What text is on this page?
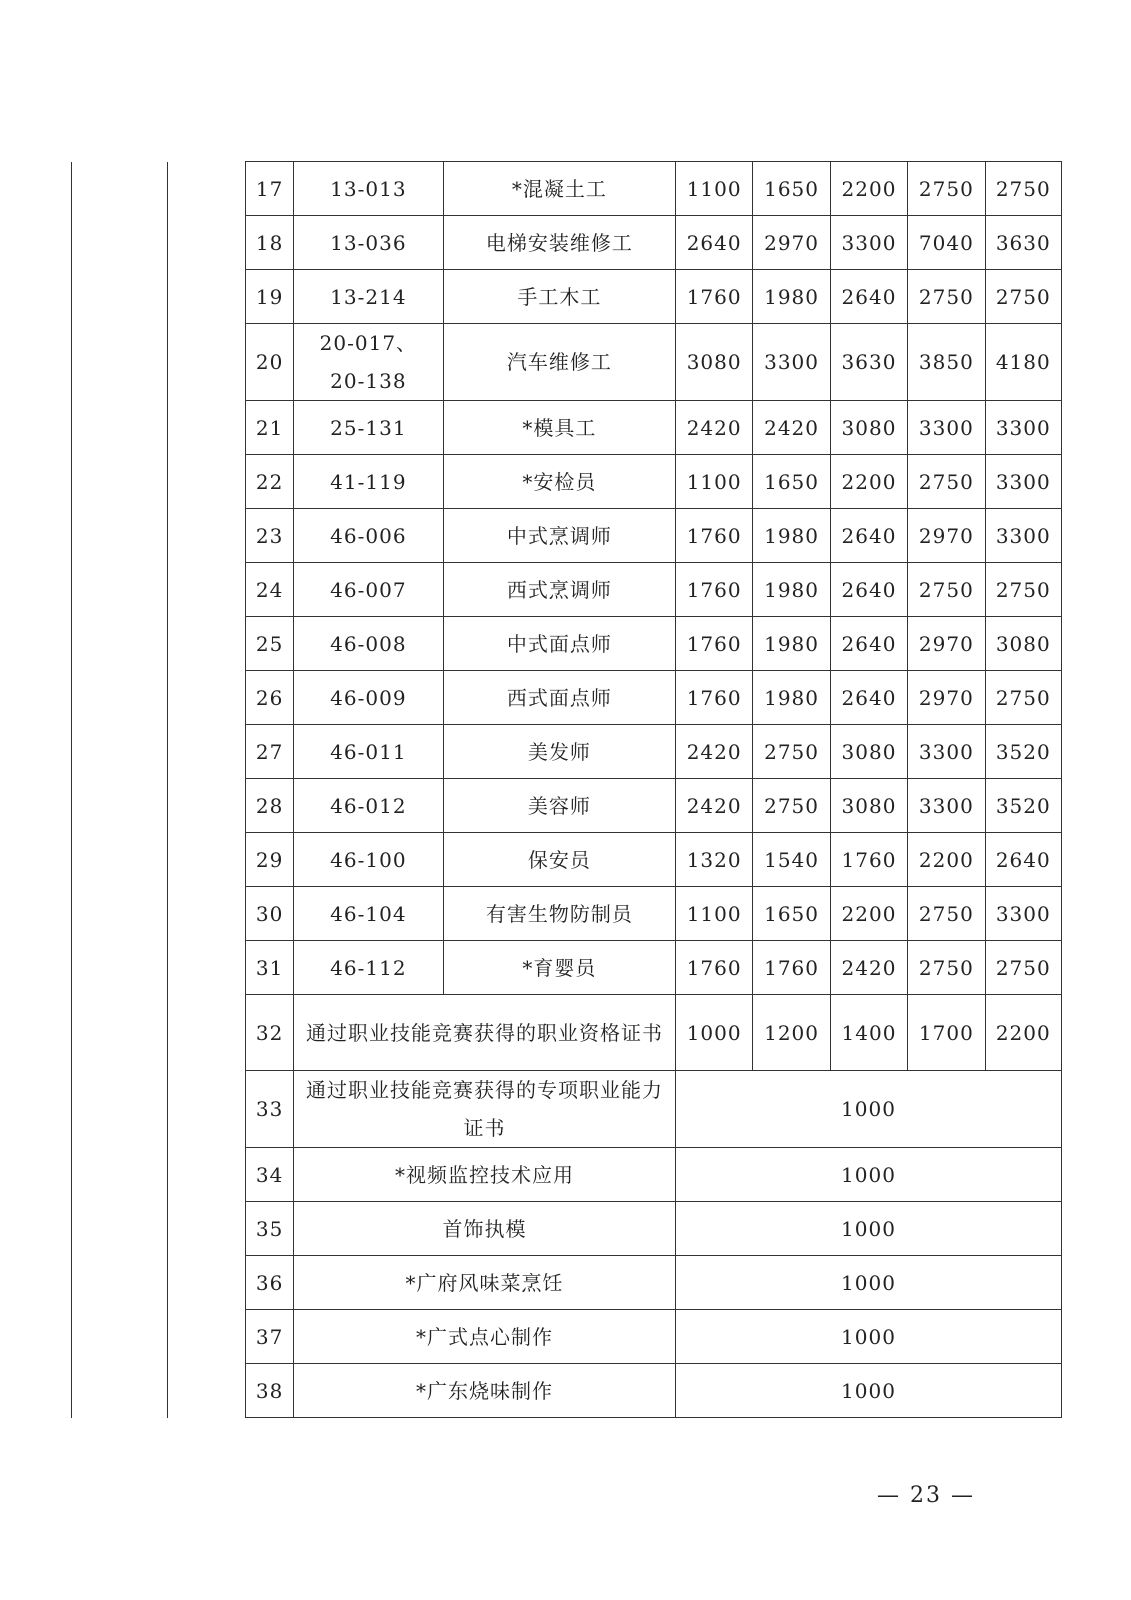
		17	13-013	*混凝土工	1100	1650	2200	2750	2750
		18	13-036	电梯安装维修工	2640	2970	3300	7040	3630
		19	13-214	手工木工	1760	1980	2640	2750	2750
		20	20-017、
20-138	汽车维修工	3080	3300	3630	3850	4180
		21	25-131	*模具工	2420	2420	3080	3300	3300
		22	41-119	*安检员	1100	1650	2200	2750	3300
		23	46-006	中式烹调师	1760	1980	2640	2970	3300
		24	46-007	西式烹调师	1760	1980	2640	2750	2750
		25	46-008	中式面点师	1760	1980	2640	2970	3080
		26	46-009	西式面点师	1760	1980	2640	2970	2750
		27	46-011	美发师	2420	2750	3080	3300	3520
		28	46-012	美容师	2420	2750	3080	3300	3520
		29	46-100	保安员	1320	1540	1760	2200	2640
		30	46-104	有害生物防制员	1100	1650	2200	2750	3300
		31	46-112	*育婴员	1760	1760	2420	2750	2750
		32	通过职业技能竞赛获得的职业资格证书		1000	1200	1400	1700	2200
		33	通过职业技能竞赛获得的专项职业能力证书		1000				
		34	*视频监控技术应用		1000				
		35	首饰执模		1000				
		36	*广府风味菜烹饪		1000				
		37	*广式点心制作		1000				
		38	*广东烧味制作		1000				
— 23 —
